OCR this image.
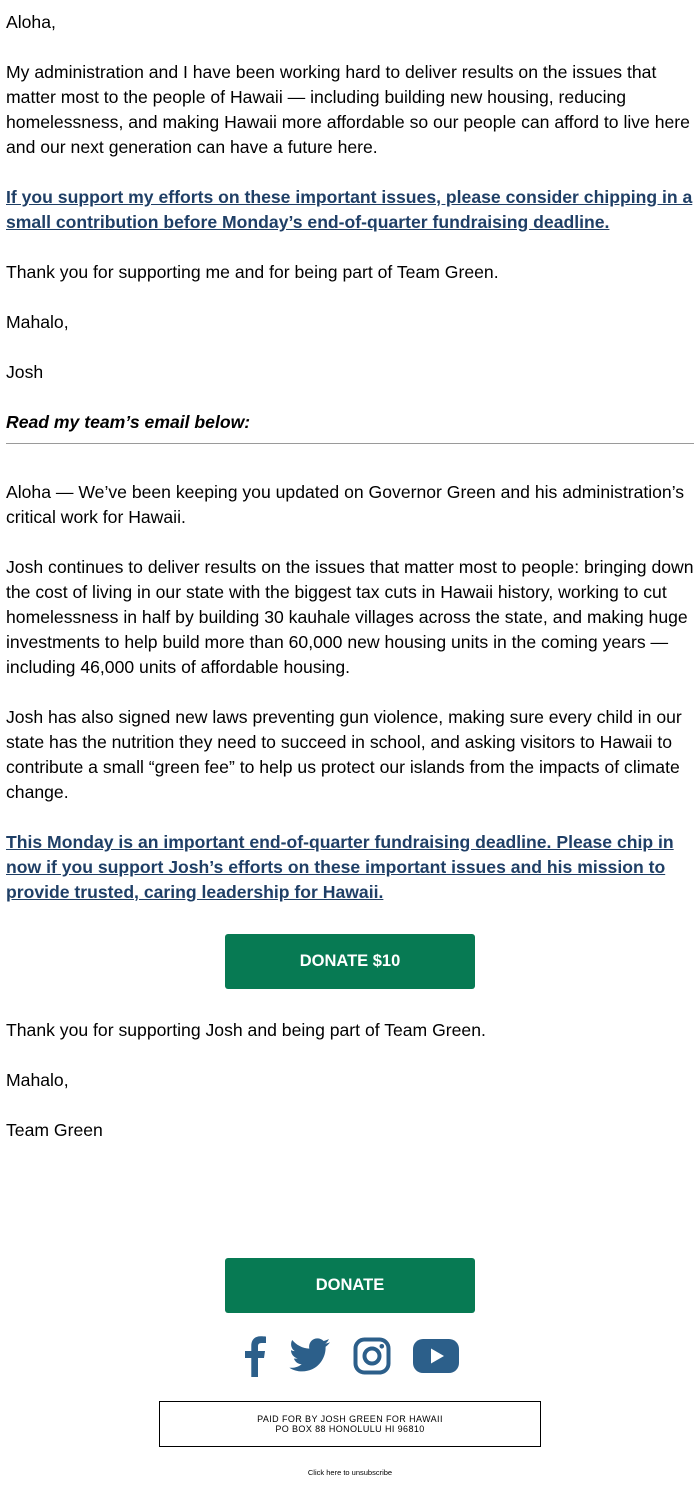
Aloha,

My administration and I have been working hard to deliver results on the issues that matter most to the people of Hawaii — including building new housing, reducing homelessness, and making Hawaii more affordable so our people can afford to live here and our next generation can have a future here.

If you support my efforts on these important issues, please consider chipping in a small contribution before Monday’s end-of-quarter fundraising deadline.

Thank you for supporting me and for being part of Team Green.

Mahalo,

Josh

Read my team’s email below:

Aloha — We’ve been keeping you updated on Governor Green and his administration’s critical work for Hawaii.

Josh continues to deliver results on the issues that matter most to people: bringing down the cost of living in our state with the biggest tax cuts in Hawaii history, working to cut homelessness in half by building 30 kauhale villages across the state, and making huge investments to help build more than 60,000 new housing units in the coming years — including 46,000 units of affordable housing.

Josh has also signed new laws preventing gun violence, making sure every child in our state has the nutrition they need to succeed in school, and asking visitors to Hawaii to contribute a small “green fee” to help us protect our islands from the impacts of climate change.

This Monday is an important end-of-quarter fundraising deadline. Please chip in now if you support Josh’s efforts on these important issues and his mission to provide trusted, caring leadership for Hawaii.

DONATE $10

Thank you for supporting Josh and being part of Team Green.

Mahalo,

Team Green

DONATE
PAID FOR BY JOSH GREEN FOR HAWAII
PO BOX 88 HONOLULU HI 96810
Click here to unsubscribe
